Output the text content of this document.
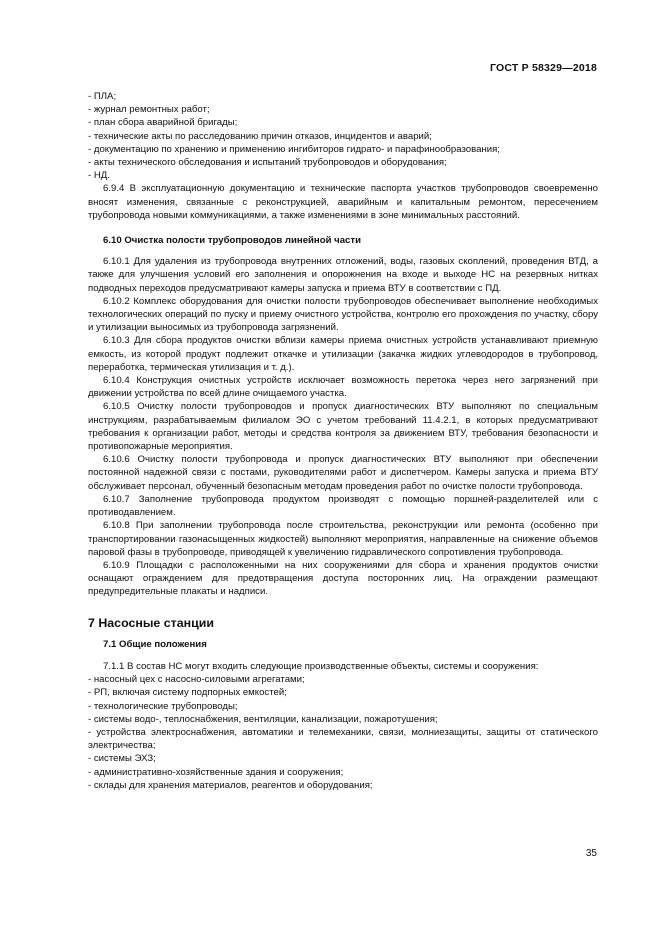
ГОСТ Р 58329—2018

- ПЛА;

- журнал ремонтных работ;

- план сбора аварийной бригады;

- технические акты по расследованию причин отказов, инцидентов и аварий;

- документацию по хранению и применению ингибиторов гидрато- и парафинообразования;

- акты технического обследования и испытаний трубопроводов и оборудования;

- НД.

6.9.4 В эксплуатационную документацию и технические паспорта участков трубопроводов своевременно вносят изменения, связанные с реконструкцией, аварийным и капитальным ремонтом, пересечением трубопровода новыми коммуникациями, а также изменениями в зоне минимальных расстояний.

6.10 Очистка полости трубопроводов линейной части

6.10.1 Для удаления из трубопровода внутренних отложений, воды, газовых скоплений, проведения ВТД, а также для улучшения условий его заполнения и опорожнения на входе и выходе НС на резервных нитках подводных переходов предусматривают камеры запуска и приема ВТУ в соответствии с ПД.

6.10.2 Комплекс оборудования для очистки полости трубопроводов обеспечивает выполнение необходимых технологических операций по пуску и приему очистного устройства, контролю его прохождения по участку, сбору и утилизации выносимых из трубопровода загрязнений.

6.10.3 Для сбора продуктов очистки вблизи камеры приема очистных устройств устанавливают приемную емкость, из которой продукт подлежит откачке и утилизации (закачка жидких углеводородов в трубопровод, переработка, термическая утилизация и т. д.).

6.10.4 Конструкция очистных устройств исключает возможность перетока через него загрязнений при движении устройства по всей длине очищаемого участка.

6.10.5 Очистку полости трубопроводов и пропуск диагностических ВТУ выполняют по специальным инструкциям, разрабатываемым филиалом ЭО с учетом требований 11.4.2.1, в которых предусматривают требования к организации работ, методы и средства контроля за движением ВТУ, требования безопасности и противопожарные мероприятия.

6.10.6 Очистку полости трубопровода и пропуск диагностических ВТУ выполняют при обеспечении постоянной надежной связи с постами, руководителями работ и диспетчером. Камеры запуска и приема ВТУ обслуживает персонал, обученный безопасным методам проведения работ по очистке полости трубопровода.

6.10.7 Заполнение трубопровода продуктом производят с помощью поршней-разделителей или с противодавлением.

6.10.8 При заполнении трубопровода после строительства, реконструкции или ремонта (особенно при транспортировании газонасыщенных жидкостей) выполняют мероприятия, направленные на снижение объемов паровой фазы в трубопроводе, приводящей к увеличению гидравлического сопротивления трубопровода.

6.10.9 Площадки с расположенными на них сооружениями для сбора и хранения продуктов очистки оснащают ограждением для предотвращения доступа посторонних лиц. На ограждении размещают предупредительные плакаты и надписи.

7 Насосные станции

7.1 Общие положения

7.1.1 В состав НС могут входить следующие производственные объекты, системы и сооружения:

- насосный цех с насосно-силовыми агрегатами;

- РП, включая систему подпорных емкостей;

- технологические трубопроводы;

- системы водо-, теплоснабжения, вентиляции, канализации, пожаротушения;

- устройства электроснабжения, автоматики и телемеханики, связи, молниезащиты, защиты от статического электричества;

- системы ЭХЗ;

- административно-хозяйственные здания и сооружения;

- склады для хранения материалов, реагентов и оборудования;

35
